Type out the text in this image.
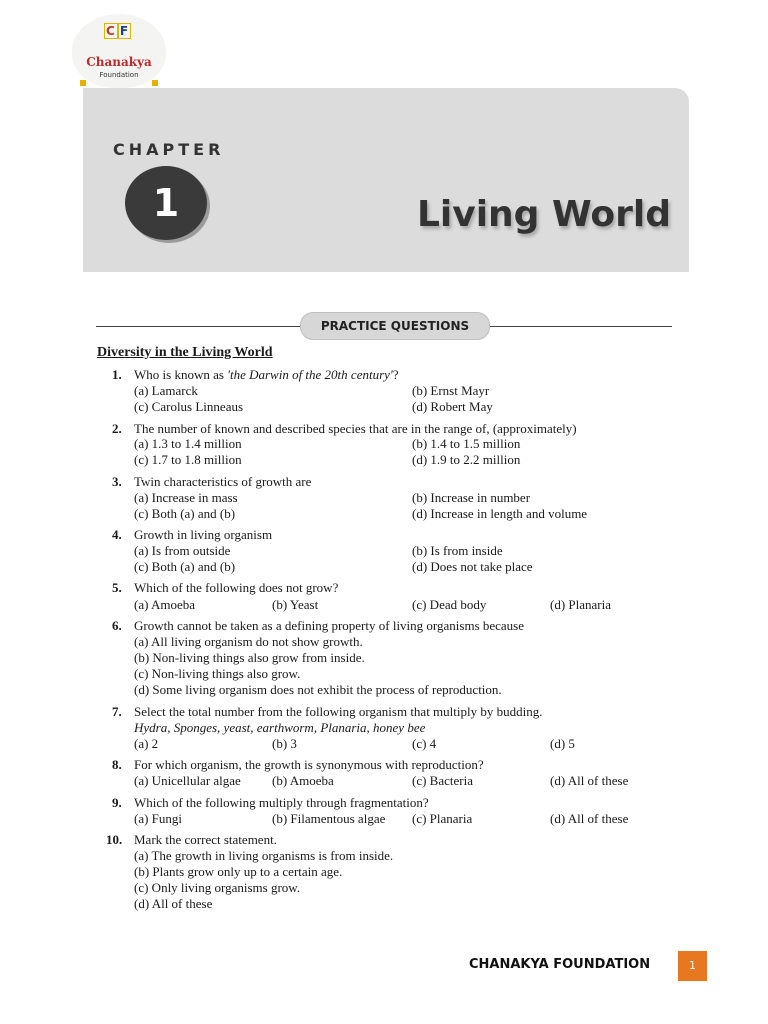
C F
Chanakya
Foundation
CHAPTER
1	Living World
PRACTICE QUESTIONS
Diversity in the Living World
1. Who is known as 'the Darwin of the 20th century'?
(a) Lamarck	(b) Ernst Mayr
(c) Carolus Linneaus	(d) Robert May
2. The number of known and described species that are in the range of, (approximately)
(a) 1.3 to 1.4 million	(b) 1.4 to 1.5 million
(c) 1.7 to 1.8 million	(d) 1.9 to 2.2 million
3. Twin characteristics of growth are
(a) Increase in mass	(b) Increase in number
(c) Both (a) and (b)	(d) Increase in length and volume
4. Growth in living organism
(a) Is from outside	(b) Is from inside
(c) Both (a) and (b)	(d) Does not take place
5. Which of the following does not grow?
(a) Amoeba	(b) Yeast	(c) Dead body	(d) Planaria
6. Growth cannot be taken as a defining property of living organisms because
(a) All living organism do not show growth.
(b) Non-living things also grow from inside.
(c) Non-living things also grow.
(d) Some living organism does not exhibit the process of reproduction.
7. Select the total number from the following organism that multiply by budding.
Hydra, Sponges, yeast, earthworm, Planaria, honey bee
(a) 2	(b) 3	(c) 4	(d) 5
8. For which organism, the growth is synonymous with reproduction?
(a) Unicellular algae (b) Amoeba	(c) Bacteria	(d) All of these
9. Which of the following multiply through fragmentation?
(a) Fungi	(b) Filamentous algae (c) Planaria	(d) All of these
10. Mark the correct statement.
(a) The growth in living organisms is from inside.
(b) Plants grow only up to a certain age.
(c) Only living organisms grow.
(d) All of these
CHANAKYA FOUNDATION	1
